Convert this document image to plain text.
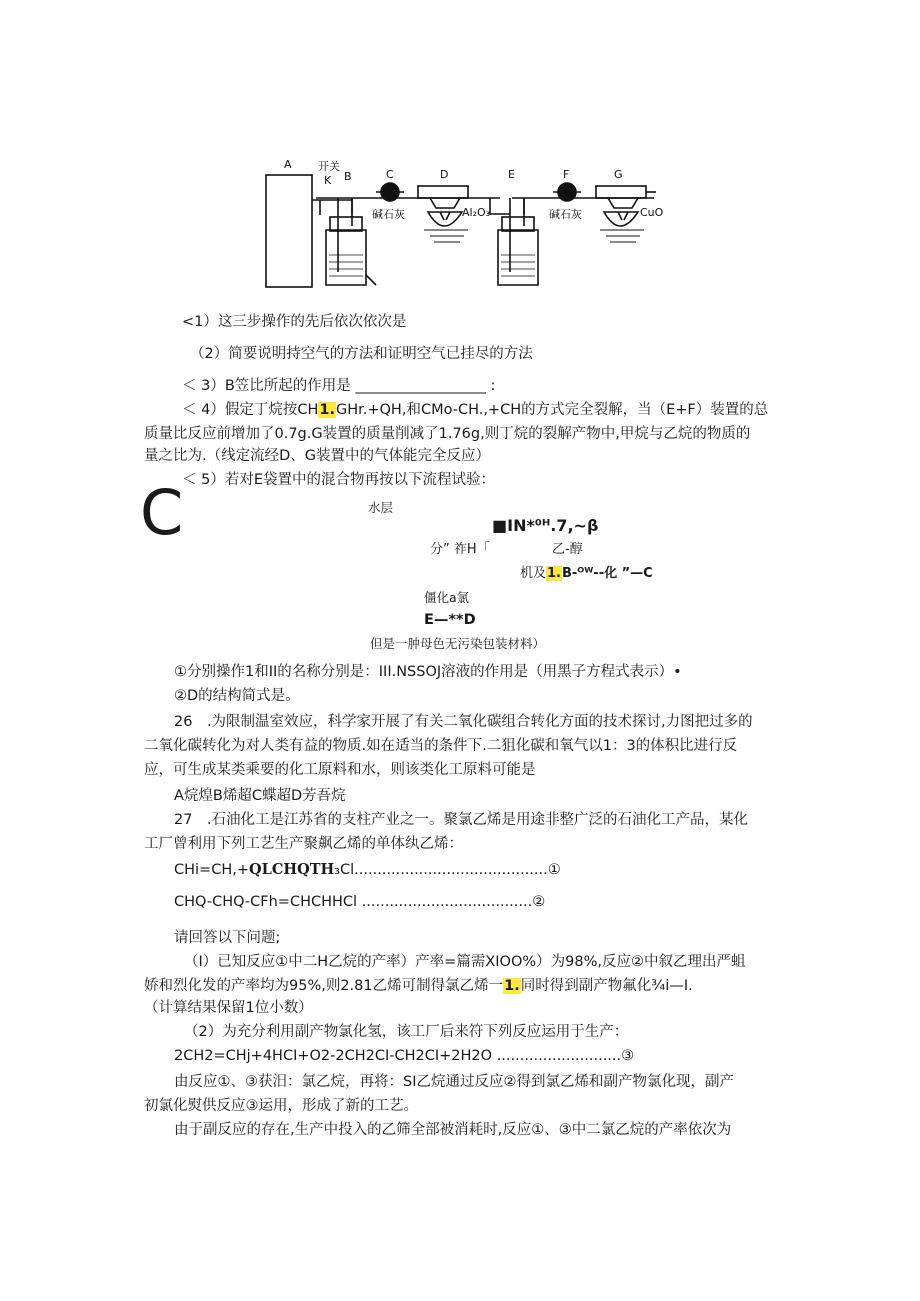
A 开关
K B	C	D	E	F	G
碱石灰	Al₂O₃	碱石灰	CuO
<1）这三步操作的先后依次依次是
（2）简要说明持空气的方法和证明空气已挂尽的方法
＜ 3）B笠比所起的作用是 __________________ :
＜ 4）假定丁烷按CH1.GHr.+QH,和CMo-CH.,+CH的方式完全裂解，当（E+F）装置的总
质量比反应前增加了0.7g.G装置的质量削减了1.76g,则丁烷的裂解产物中,甲烷与乙烷的物质的
量之比为.（线定流经D、G装置中的气体能完全反应）
＜ 5）若对E袋置中的混合物再按以下流程试验：
C	水层
■IN*⁰ᴴ.7,~β
分” 祚H「	乙-醇
机及1.B-ᴼᵂ--化 ”—C
僵化a氯
E—**D
但是一肿母色无污染包装材料）
①分别操作1和II的名称分别是：III.NSSOJ溶液的作用是（用黑子方程式表示）•
②D的结构简式是。
26　.为限制温室效应，科学家开展了有关二氧化碳组合转化方面的技术探讨,力图把过多的
二氧化碳转化为对人类有益的物质.如在适当的条件下.二狙化碳和氧气以1：3的体积比进行反
应，可生成某类乘要的化工原料和水，则该类化工原料可能是
A烷煌B烯超C蝶超D芳吾烷
27　.石油化工是江苏省的支柱产业之一。聚氯乙烯是用途非整广泛的石油化工产品，某化
工厂曾利用下列工艺生产聚飙乙烯的单体纨乙烯：
CHi=CH,+QLCHQTH₃Cl..........................................①
CHQ-CHQ-CFh=CHCHHCl .....................................②
请回答以下问题;
（I）已知反应①中二H乙烷的产率）产率=篇需XIOO%）为98%,反应②中叙乙理出严蛆
娇和烈化发的产率均为95%,则2.81乙烯可制得氯乙烯一1.同时得到副产物氟化¾i—I.
（计算结果保留1位小数）
（2）为充分利用副产物氯化氢，该工厂后来符下列反应运用于生产：
2CH2=CHj+4HCI+O2-2CH2CI-CH2CI+2H2O ...........................③
由反应①、③获汨：氯乙烷，再将：SI乙烷通过反应②得到氯乙烯和副产物氯化现，副产
初氯化熨供反应③运用，形成了新的工艺。
由于副反应的存在,生产中投入的乙筛全部被消耗时,反应①、③中二氯乙烷的产率依次为
